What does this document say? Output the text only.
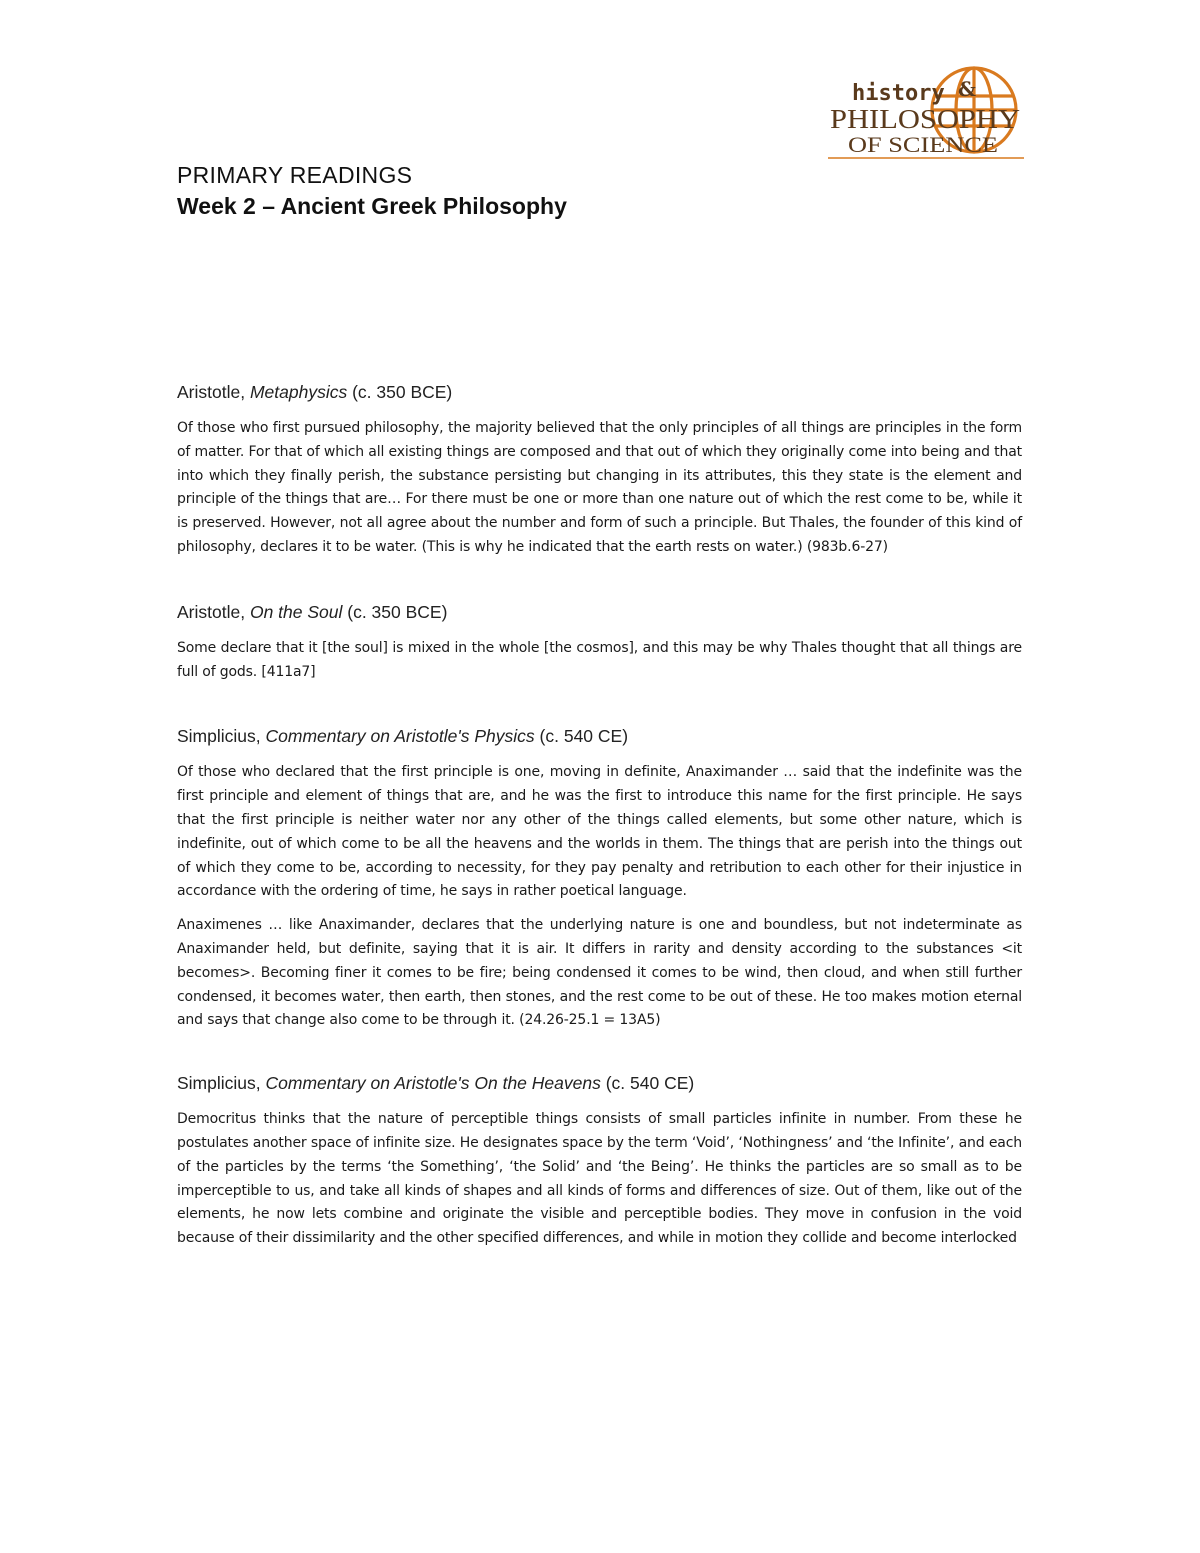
history &
PHILOSOPHY
OF SCIENCE
PRIMARY READINGS
Week 2 – Ancient Greek Philosophy
Aristotle, Metaphysics (c. 350 BCE)

Of those who first pursued philosophy, the majority believed that the only principles of all things are principles in the form of matter. For that of which all existing things are composed and that out of which they originally come into being and that into which they finally perish, the substance persisting but changing in its attributes, this they state is the element and principle of the things that are… For there must be one or more than one nature out of which the rest come to be, while it is preserved. However, not all agree about the number and form of such a principle. But Thales, the founder of this kind of philosophy, declares it to be water. (This is why he indicated that the earth rests on water.) (983b.6-27)

Aristotle, On the Soul (c. 350 BCE)

Some declare that it [the soul] is mixed in the whole [the cosmos], and this may be why Thales thought that all things are full of gods. [411a7]

Simplicius, Commentary on Aristotle's Physics (c. 540 CE)

Of those who declared that the first principle is one, moving in definite, Anaximander … said that the indefinite was the first principle and element of things that are, and he was the first to introduce this name for the first principle. He says that the first principle is neither water nor any other of the things called elements, but some other nature, which is indefinite, out of which come to be all the heavens and the worlds in them. The things that are perish into the things out of which they come to be, according to necessity, for they pay penalty and retribution to each other for their injustice in accordance with the ordering of time, he says in rather poetical language.

Anaximenes … like Anaximander, declares that the underlying nature is one and boundless, but not indeterminate as Anaximander held, but definite, saying that it is air. It differs in rarity and density according to the substances <it becomes>. Becoming finer it comes to be fire; being condensed it comes to be wind, then cloud, and when still further condensed, it becomes water, then earth, then stones, and the rest come to be out of these. He too makes motion eternal and says that change also come to be through it. (24.26-25.1 = 13A5)

Simplicius, Commentary on Aristotle's On the Heavens (c. 540 CE)

Democritus thinks that the nature of perceptible things consists of small particles infinite in number. From these he postulates another space of infinite size. He designates space by the term ‘Void’, ‘Nothingness’ and ‘the Infinite’, and each of the particles by the terms ‘the Something’, ‘the Solid’ and ‘the Being’. He thinks the particles are so small as to be imperceptible to us, and take all kinds of shapes and all kinds of forms and differences of size. Out of them, like out of the elements, he now lets combine and originate the visible and perceptible bodies. They move in confusion in the void because of their dissimilarity and the other specified differences, and while in motion they collide and become interlocked
